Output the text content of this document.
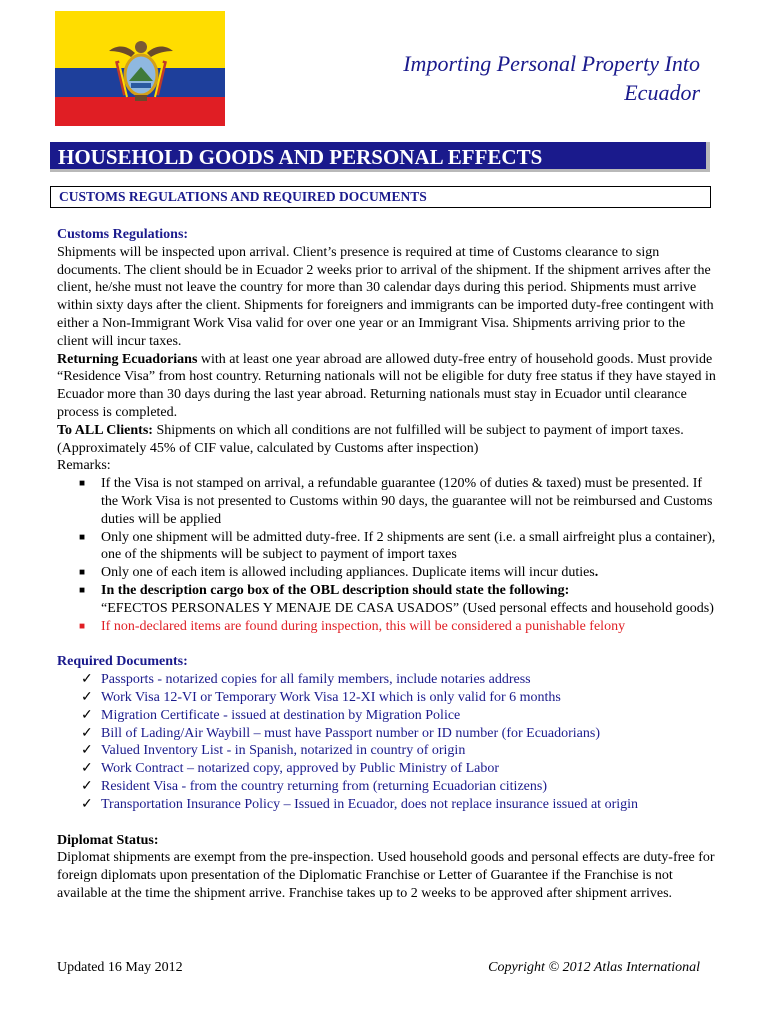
Importing Personal Property Into
Ecuador
HOUSEHOLD GOODS AND PERSONAL EFFECTS
CUSTOMS REGULATIONS AND REQUIRED DOCUMENTS
Customs Regulations:

Shipments will be inspected upon arrival. Client’s presence is required at time of Customs clearance to sign documents. The client should be in Ecuador 2 weeks prior to arrival of the shipment. If the shipment arrives after the client, he/she must not leave the country for more than 30 calendar days during this period. Shipments must arrive within sixty days after the client. Shipments for foreigners and immigrants can be imported duty-free contingent with either a Non-Immigrant Work Visa valid for over one year or an Immigrant Visa. Shipments arriving prior to the client will incur taxes.

Returning Ecuadorians with at least one year abroad are allowed duty-free entry of household goods. Must provide “Residence Visa” from host country. Returning nationals will not be eligible for duty free status if they have stayed in Ecuador more than 30 days during the last year abroad. Returning nationals must stay in Ecuador until clearance process is completed.

To ALL Clients: Shipments on which all conditions are not fulfilled will be subject to payment of import taxes. (Approximately 45% of CIF value, calculated by Customs after inspection)

Remarks:
■ If the Visa is not stamped on arrival, a refundable guarantee (120% of duties & taxed) must be presented. If the Work Visa is not presented to Customs within 90 days, the guarantee will not be reimbursed and Customs duties will be applied
■ Only one shipment will be admitted duty-free. If 2 shipments are sent (i.e. a small airfreight plus a container), one of the shipments will be subject to payment of import taxes
■ Only one of each item is allowed including appliances. Duplicate items will incur duties.
■ In the description cargo box of the OBL description should state the following:
“EFECTOS PERSONALES Y MENAJE DE CASA USADOS” (Used personal effects and household goods)
■ If non-declared items are found during inspection, this will be considered a punishable felony
Required Documents:
✓ Passports - notarized copies for all family members, include notaries address
✓ Work Visa 12-VI or Temporary Work Visa 12-XI which is only valid for 6 months
✓ Migration Certificate - issued at destination by Migration Police
✓ Bill of Lading/Air Waybill – must have Passport number or ID number (for Ecuadorians)
✓ Valued Inventory List - in Spanish, notarized in country of origin
✓ Work Contract – notarized copy, approved by Public Ministry of Labor
✓ Resident Visa - from the country returning from (returning Ecuadorian citizens)
✓ Transportation Insurance Policy – Issued in Ecuador, does not replace insurance issued at origin
Diplomat Status:

Diplomat shipments are exempt from the pre-inspection. Used household goods and personal effects are duty-free for foreign diplomats upon presentation of the Diplomatic Franchise or Letter of Guarantee if the Franchise is not available at the time the shipment arrive. Franchise takes up to 2 weeks to be approved after shipment arrives.

Updated 16 May 2012	Copyright © 2012 Atlas International
